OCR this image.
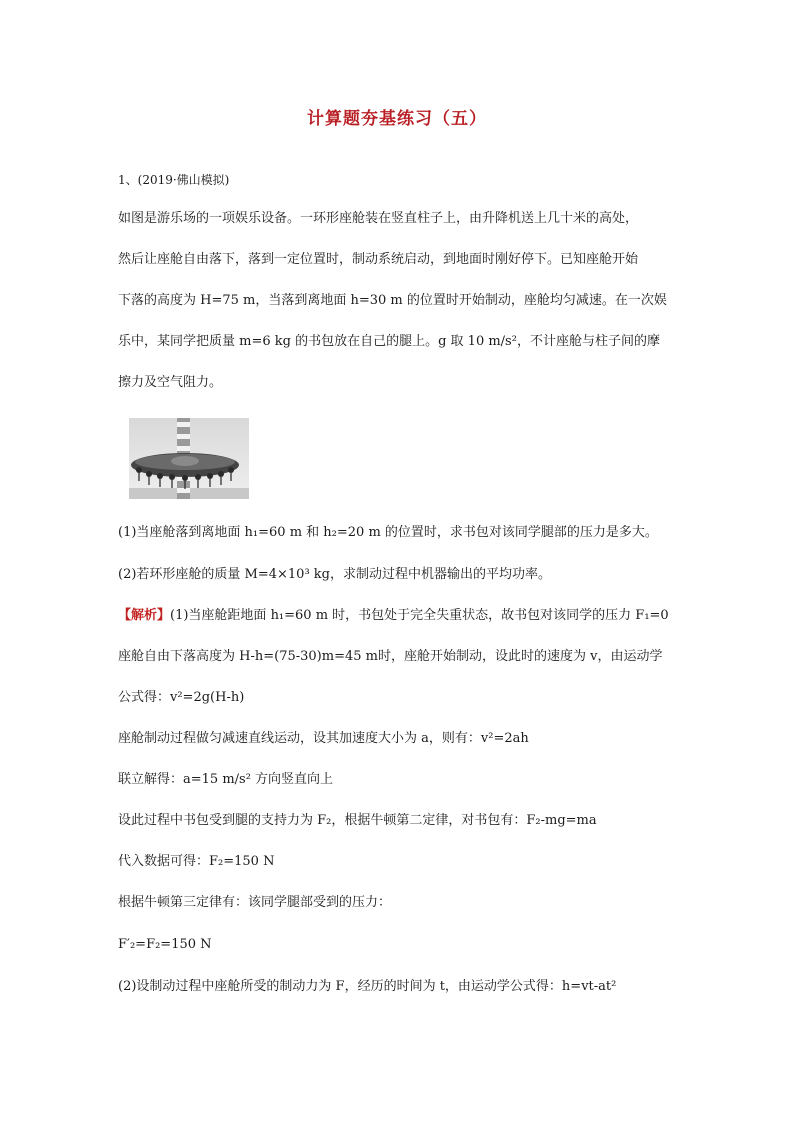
计算题夯基练习（五）
1、(2019·佛山模拟)
如图是游乐场的一项娱乐设备。一环形座舱装在竖直柱子上，由升降机送上几十米的高处，
然后让座舱自由落下，落到一定位置时，制动系统启动，到地面时刚好停下。已知座舱开始
下落的高度为 H=75 m，当落到离地面 h=30 m 的位置时开始制动，座舱均匀减速。在一次娱
乐中，某同学把质量 m=6 kg 的书包放在自己的腿上。g 取 10 m/s²，不计座舱与柱子间的摩
擦力及空气阻力。
(1)当座舱落到离地面 h₁=60 m 和 h₂=20 m 的位置时，求书包对该同学腿部的压力是多大。
(2)若环形座舱的质量 M=4×10³ kg，求制动过程中机器输出的平均功率。
【解析】(1)当座舱距地面 h₁=60 m 时，书包处于完全失重状态，故书包对该同学的压力 F₁=0
座舱自由下落高度为 H-h=(75-30)m=45 m时，座舱开始制动，设此时的速度为 v，由运动学
公式得：v²=2g(H-h)
座舱制动过程做匀减速直线运动，设其加速度大小为 a，则有：v²=2ah
联立解得：a=15 m/s² 方向竖直向上
设此过程中书包受到腿的支持力为 F₂，根据牛顿第二定律，对书包有：F₂-mg=ma
代入数据可得：F₂=150 N
根据牛顿第三定律有：该同学腿部受到的压力：
F′₂=F₂=150 N
(2)设制动过程中座舱所受的制动力为 F，经历的时间为 t，由运动学公式得：h=vt-at²
